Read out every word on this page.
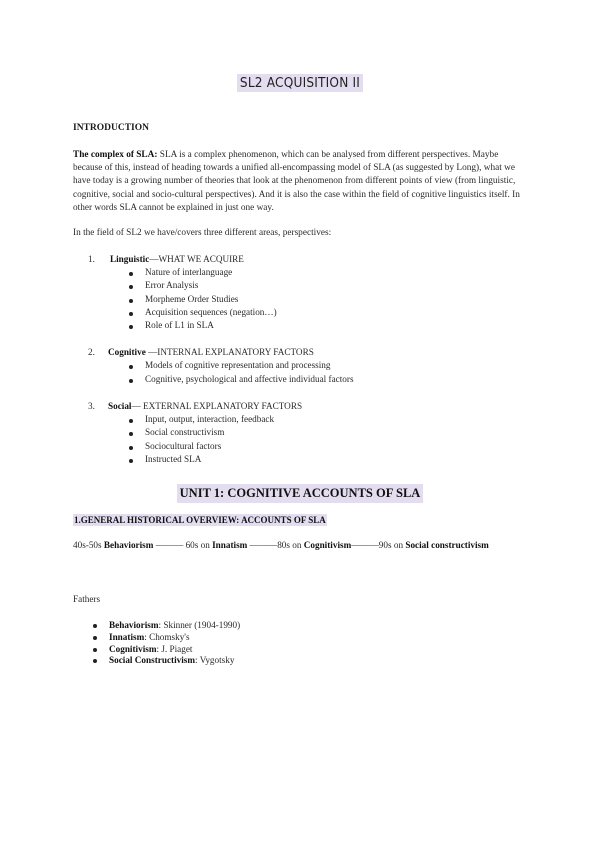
SL2 ACQUISITION II
INTRODUCTION
The complex of SLA: SLA is a complex phenomenon, which can be analysed from different perspectives. Maybe because of this, instead of heading towards a unified all-encompassing model of SLA (as suggested by Long), what we have today is a growing number of theories that look at the phenomenon from different points of view (from linguistic, cognitive, social and socio-cultural perspectives). And it is also the case within the field of cognitive linguistics itself. In other words SLA cannot be explained in just one way.
In the field of SL2 we have/covers three different areas, perspectives:
1. Linguistic—WHAT WE ACQUIRE
Nature of interlanguage
Error Analysis
Morpheme Order Studies
Acquisition sequences (negation…)
Role of L1 in SLA
2. Cognitive —INTERNAL EXPLANATORY FACTORS
Models of cognitive representation and processing
Cognitive, psychological and affective individual factors
3. Social— EXTERNAL EXPLANATORY FACTORS
Input, output, interaction, feedback
Social constructivism
Sociocultural factors
Instructed SLA
UNIT 1: COGNITIVE ACCOUNTS OF SLA
1.GENERAL HISTORICAL OVERVIEW: ACCOUNTS OF SLA
40s-50s Behaviorism ——— 60s on Innatism ———80s on Cognitivism———90s on Social constructivism
Fathers
Behaviorism: Skinner (1904-1990)
Innatism: Chomsky's
Cognitivism: J. Piaget
Social Constructivism: Vygotsky
